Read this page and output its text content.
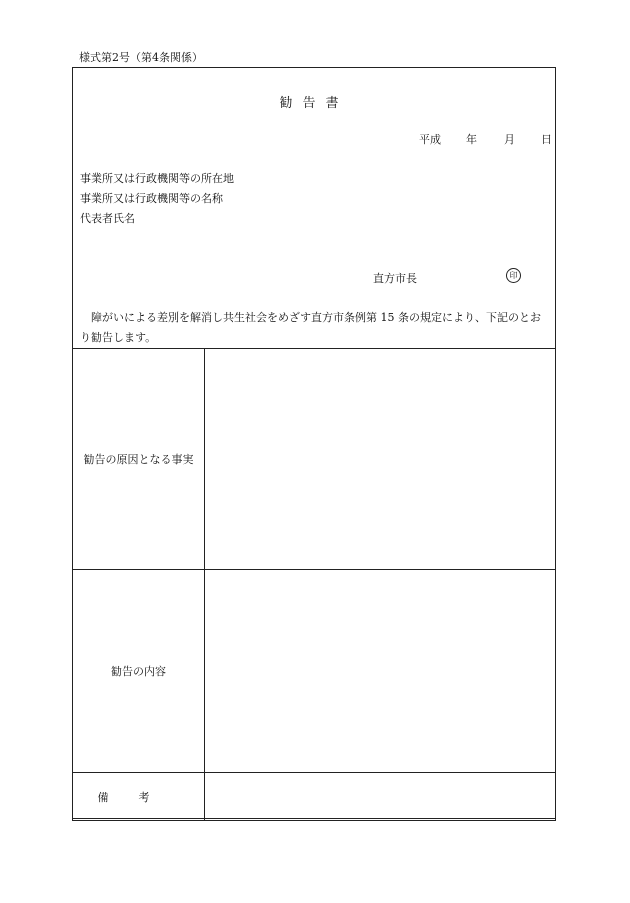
様式第2号（第4条関係）
勧告書
平成 年 月 日
事業所又は行政機関等の所在地
事業所又は行政機関等の名称
代表者氏名
直方市長	印
障がいによる差別を解消し共生社会をめざす直方市条例第 15 条の規定により、下記のとおり勧告します。
勧告の原因となる事実	
勧告の内容	
備考	
